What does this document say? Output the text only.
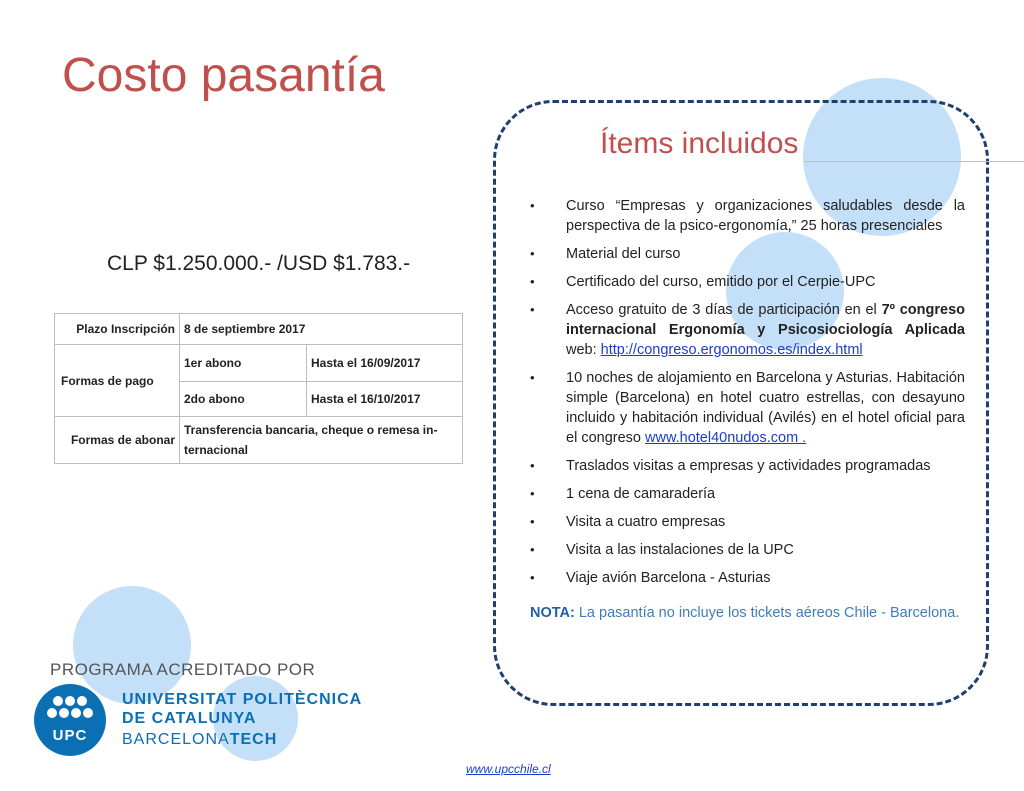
Costo pasantía
CLP $1.250.000.- /USD $1.783.-
Plazo Inscripción	8 de septiembre 2017	
Formas de pago	1er abono	Hasta el 16/09/2017
	2do abono	Hasta el 16/10/2017
Formas de abonar	Transferencia bancaria, cheque o remesa in-ternacional	
Ítems incluidos
• Curso “Empresas y organizaciones saludables desde la perspectiva de la psico-ergonomía,” 25 horas presenciales
• Material del curso
• Certificado del curso, emitido por el Cerpie-UPC
• Acceso gratuito de 3 días de participación en el 7º congreso internacional Ergonomía y Psicosiociología Aplicada web: http://congreso.ergonomos.es/index.html
• 10 noches de alojamiento en Barcelona y Asturias. Habitación simple (Barcelona) en hotel cuatro estrellas, con desayuno incluido y habitación individual (Avilés) en el hotel oficial para el congreso www.hotel40nudos.com .
• Traslados visitas a empresas y actividades programadas
• 1 cena de camaradería
• Visita a cuatro empresas
• Visita a las instalaciones de la UPC
• Viaje avión Barcelona - Asturias
NOTA: La pasantía no incluye los tickets aéreos Chile - Barcelona.
PROGRAMA ACREDITADO POR
UPC
UNIVERSITAT POLITÈCNICA
DE CATALUNYA
BARCELONATECH
www.upcchile.cl
